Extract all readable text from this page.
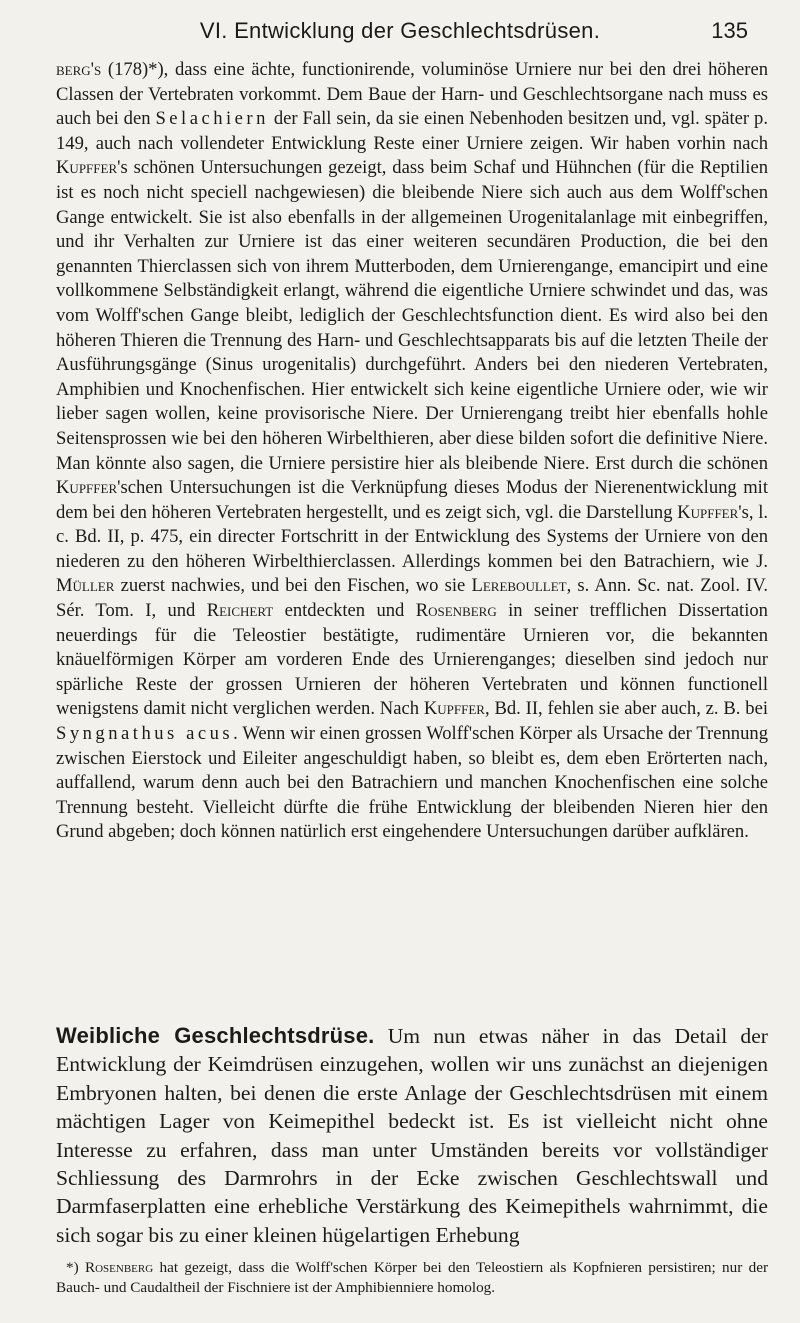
VI. Entwicklung der Geschlechtsdrüsen.	135

berg's (178)*), dass eine ächte, functionirende, voluminöse Urniere nur bei den drei höheren Classen der Vertebraten vorkommt. Dem Baue der Harn- und Geschlechtsorgane nach muss es auch bei den Selachiern der Fall sein, da sie einen Nebenhoden besitzen und, vgl. später p. 149, auch nach vollendeter Entwicklung Reste einer Urniere zeigen. Wir haben vorhin nach Kupffer's schönen Untersuchungen gezeigt, dass beim Schaf und Hühnchen (für die Reptilien ist es noch nicht speciell nachgewiesen) die bleibende Niere sich auch aus dem Wolff'schen Gange entwickelt. Sie ist also ebenfalls in der allgemeinen Urogenitalanlage mit einbegriffen, und ihr Verhalten zur Urniere ist das einer weiteren secundären Production, die bei den genannten Thierclassen sich von ihrem Mutterboden, dem Urnierengange, emancipirt und eine vollkommene Selbständigkeit erlangt, während die eigentliche Urniere schwindet und das, was vom Wolff'schen Gange bleibt, lediglich der Geschlechtsfunction dient. Es wird also bei den höheren Thieren die Trennung des Harn- und Geschlechtsapparats bis auf die letzten Theile der Ausführungsgänge (Sinus urogenitalis) durchgeführt. Anders bei den niederen Vertebraten, Amphibien und Knochenfischen. Hier entwickelt sich keine eigentliche Urniere oder, wie wir lieber sagen wollen, keine provisorische Niere. Der Urnierengang treibt hier ebenfalls hohle Seitensprossen wie bei den höheren Wirbelthieren, aber diese bilden sofort die definitive Niere. Man könnte also sagen, die Urniere persistire hier als bleibende Niere. Erst durch die schönen Kupffer'schen Untersuchungen ist die Verknüpfung dieses Modus der Nierenentwicklung mit dem bei den höheren Vertebraten hergestellt, und es zeigt sich, vgl. die Darstellung Kupffer's, l. c. Bd. II, p. 475, ein directer Fortschritt in der Entwicklung des Systems der Urniere von den niederen zu den höheren Wirbelthierclassen. Allerdings kommen bei den Batrachiern, wie J. Müller zuerst nachwies, und bei den Fischen, wo sie Lereboullet, s. Ann. Sc. nat. Zool. IV. Sér. Tom. I, und Reichert entdeckten und Rosenberg in seiner trefflichen Dissertation neuerdings für die Teleostier bestätigte, rudimentäre Urnieren vor, die bekannten knäuelförmigen Körper am vorderen Ende des Urnierenganges; dieselben sind jedoch nur spärliche Reste der grossen Urnieren der höheren Vertebraten und können functionell wenigstens damit nicht verglichen werden. Nach Kupffer, Bd. II, fehlen sie aber auch, z. B. bei Syngnathus acus. Wenn wir einen grossen Wolff'schen Körper als Ursache der Trennung zwischen Eierstock und Eileiter angeschuldigt haben, so bleibt es, dem eben Erörterten nach, auffallend, warum denn auch bei den Batrachiern und manchen Knochenfischen eine solche Trennung besteht. Vielleicht dürfte die frühe Entwicklung der bleibenden Nieren hier den Grund abgeben; doch können natürlich erst eingehendere Untersuchungen darüber aufklären.

Weibliche Geschlechtsdrüse. Um nun etwas näher in das Detail der Entwicklung der Keimdrüsen einzugehen, wollen wir uns zunächst an diejenigen Embryonen halten, bei denen die erste Anlage der Geschlechtsdrüsen mit einem mächtigen Lager von Keimepithel bedeckt ist. Es ist vielleicht nicht ohne Interesse zu erfahren, dass man unter Umständen bereits vor vollständiger Schliessung des Darmrohrs in der Ecke zwischen Geschlechtswall und Darmfaserplatten eine erhebliche Verstärkung des Keimepithels wahrnimmt, die sich sogar bis zu einer kleinen hügelartigen Erhebung

*) Rosenberg hat gezeigt, dass die Wolff'schen Körper bei den Teleostiern als Kopfnieren persistiren; nur der Bauch- und Caudaltheil der Fischniere ist der Amphibienniere homolog.
